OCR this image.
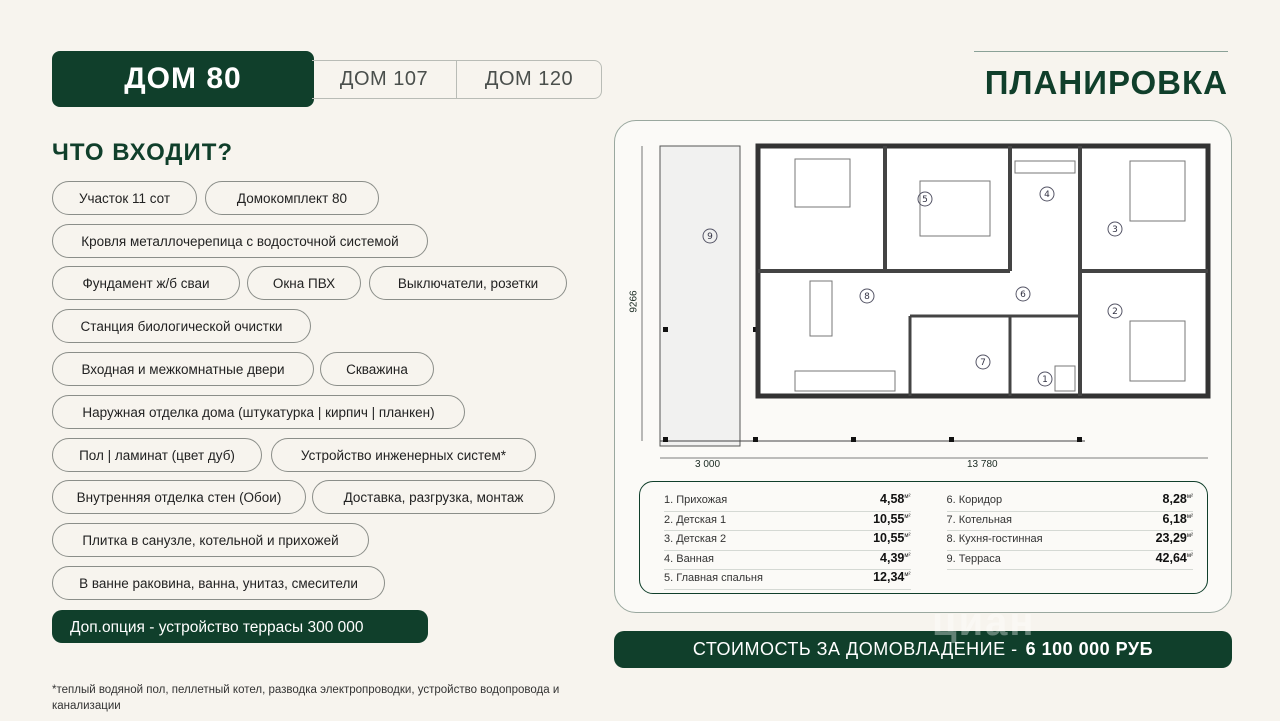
ДОМ 80	ДОМ 107	ДОМ 120	ПЛАНИРОВКА
ЧТО ВХОДИТ?
Участок 11 сот	Домокомплект 80
Кровля металлочерепица с водосточной системой
Фундамент ж/б сваи	Окна ПВХ	Выключатели, розетки
Станция биологической очистки
Входная и межкомнатные двери	Скважина
Наружная отделка дома (штукатурка | кирпич | планкен)
Пол | ламинат (цвет дуб)	Устройство инженерных систем*
Внутренняя отделка стен (Обои)	Доставка, разгрузка, монтаж
Плитка в санузле, котельной и прихожей
В ванне раковина, ванна, унитаз, смесители
Доп.опция - устройство террасы 300 000
*теплый водяной пол, пеллетный котел, разводка электропроводки, устройство водопровода и канализации
9
5	4
3
2
8	6
7
1
9266
3 000	13 780
1. Прихожая	$4,58^{м^2}$
2. Детская 1	$10,55^{м^2}$
3. Детская 2	$10,55^{м^2}$
4. Ванная	$4,39^{м^2}$
5. Главная спальня	$12,34^{м^2}$
6. Коридор	$8,28^{м^2}$
7. Котельная	$6,18^{м^2}$
8. Кухня-гостинная	$23,29^{м^2}$
9. Терраса	$42,64^{м^2}$
СТОИМОСТЬ ЗА ДОМОВЛАДЕНИЕ - 6 100 000 РУБ
циан
